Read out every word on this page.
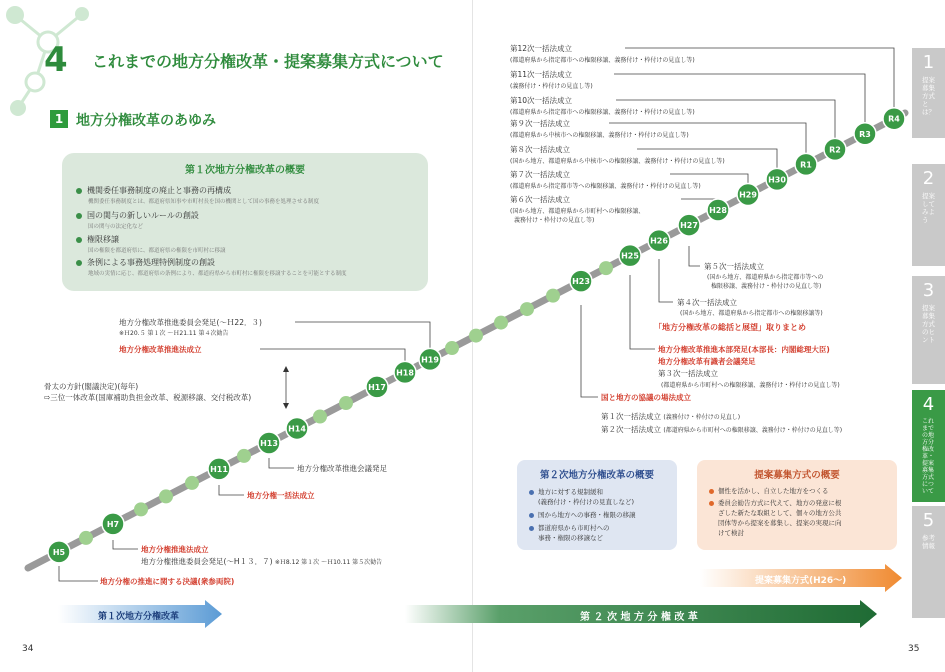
4	これまでの地方分権改革・提案募集方式について
1 地方分権改革のあゆみ
第１次地方分権改革の概要
機関委任事務制度の廃止と事務の再構成
機関委任事務制度とは、都道府県知事や市町村長を国の機関として国の事務を処理させる制度
国の関与の新しいルールの創設
国の関与の法定化など
権限移譲
国の権限を都道府県に、都道府県の権限を市町村に移譲
条例による事務処理特例制度の創設
地域の実情に応じ、都道府県の条例により、都道府県から市町村に権限を移譲することを可能とする制度
H5
H7
H11
H13
H14
H17
H18
H19
H23
H25
H26
H27
H28
H29
H30
R1
R2
R3
R4
地方分権の推進に関する決議(衆参両院)
地方分権推進法成立
地方分権推進委員会発足(〜H１３．７) ※Ｈ8.12 第１次 〜Ｈ10.11 第５次勧告
地方分権一括法成立
地方分権改革推進会議発足
骨太の方針(閣議決定)(毎年)
⇨三位一体改革(国庫補助負担金改革、税源移譲、交付税改革)
地方分権改革推進委員会発足(〜Ｈ22．３)
※Ｈ20.５ 第１次 〜Ｈ21.11 第４次勧告
地方分権改革推進法成立
第12次一括法成立
(都道府県から指定都市への権限移譲、義務付け・枠付けの見直し等)
第11次一括法成立
(義務付け・枠付けの見直し等)
第10次一括法成立
(都道府県から指定都市への権限移譲、義務付け・枠付けの見直し等)
第９次一括法成立
(都道府県から中核市への権限移譲、義務付け・枠付けの見直し等)
第８次一括法成立
(国から地方、都道府県から中核市への権限移譲、義務付け・枠付けの見直し等)
第７次一括法成立
(都道府県から指定都市等への権限移譲、義務付け・枠付けの見直し等)
第６次一括法成立
(国から地方、都道府県から市町村への権限移譲、
義務付け・枠付けの見直し等)
第５次一括法成立
(国から地方、都道府県から指定都市等への
権限移譲、義務付け・枠付けの見直し等)
第４次一括法成立
(国から地方、都道府県から指定都市への権限移譲等)
「地方分権改革の総括と展望」取りまとめ
地方分権改革推進本部発足(本部長：内閣総理大臣)
地方分権改革有識者会議発足
第３次一括法成立
(都道府県から市町村への権限移譲、義務付け・枠付けの見直し等)
国と地方の協議の場法成立
第１次一括法成立 (義務付け・枠付けの見直し)
第２次一括法成立 (都道府県から市町村への権限移譲、義務付け・枠付けの見直し等)
第２次地方分権改革の概要
地方に対する規制緩和
(義務付け・枠付けの見直しなど)
国から地方への事務・権限の移譲
都道府県から市町村への
事務・権限の移譲など
提案募集方式の概要
個性を活かし、自立した地方をつくる
委員会勧告方式に代えて、地方の発意に根
ざした新たな取組として、個々の地方公共
団体等から提案を募集し、提案の実現に向
けて検討
第１次地方分権改革	第 ２ 次 地 方 分 権 改 革
提案募集方式(H26〜)
1
提案募集方式とは？
2
提案してみよう
3
提案募集方式のヒント
4
これまでの地方分権改革・提案募集方式について
5
参考情報
34	35
